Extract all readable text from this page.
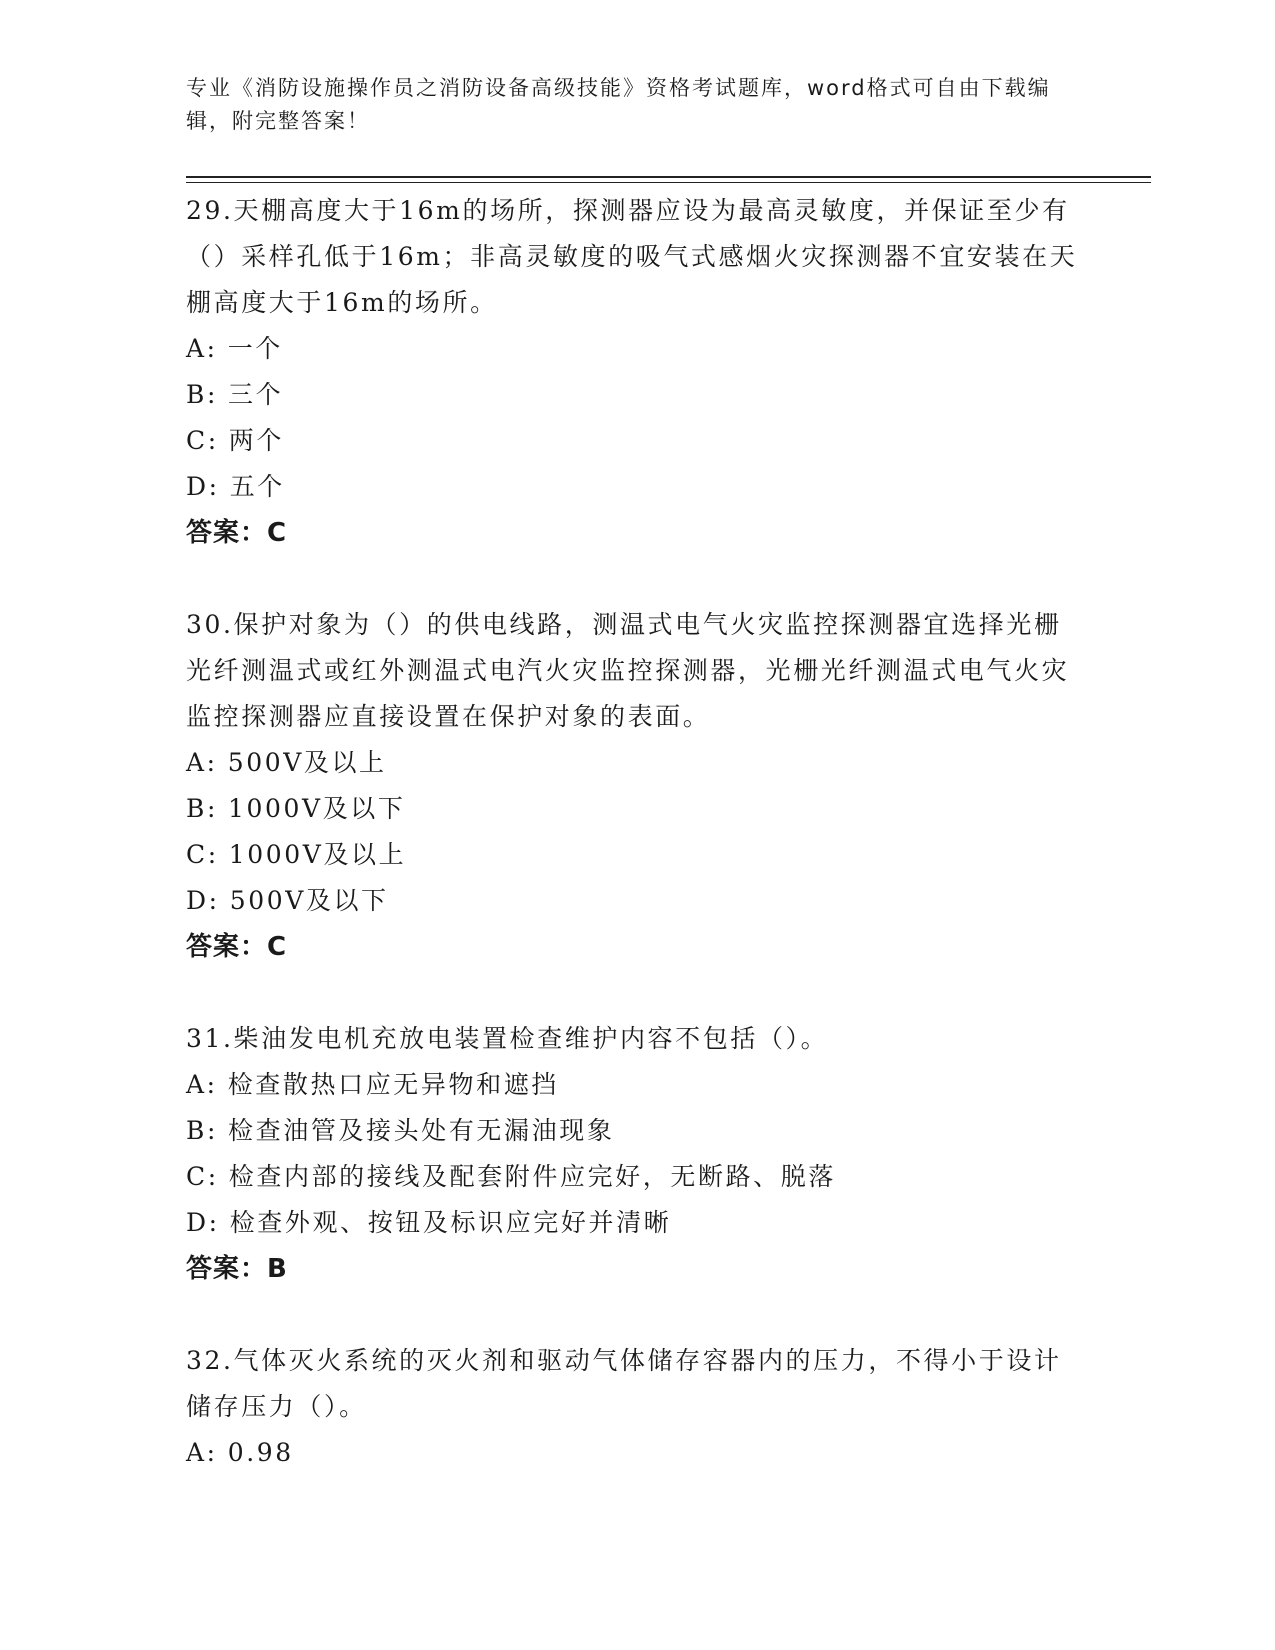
专业《消防设施操作员之消防设备高级技能》资格考试题库，word格式可自由下载编辑，附完整答案！
29.天棚高度大于16m的场所，探测器应设为最高灵敏度，并保证至少有（）采样孔低于16m；非高灵敏度的吸气式感烟火灾探测器不宜安装在天棚高度大于16m的场所。
A: 一个
B: 三个
C: 两个
D: 五个
答案：C
30.保护对象为（）的供电线路，测温式电气火灾监控探测器宜选择光栅光纤测温式或红外测温式电汽火灾监控探测器，光栅光纤测温式电气火灾监控探测器应直接设置在保护对象的表面。
A: 500V及以上
B: 1000V及以下
C: 1000V及以上
D: 500V及以下
答案：C
31.柴油发电机充放电装置检查维护内容不包括（）。
A: 检查散热口应无异物和遮挡
B: 检查油管及接头处有无漏油现象
C: 检查内部的接线及配套附件应完好，无断路、脱落
D: 检查外观、按钮及标识应完好并清晰
答案：B
32.气体灭火系统的灭火剂和驱动气体储存容器内的压力，不得小于设计储存压力（）。
A: 0.98
